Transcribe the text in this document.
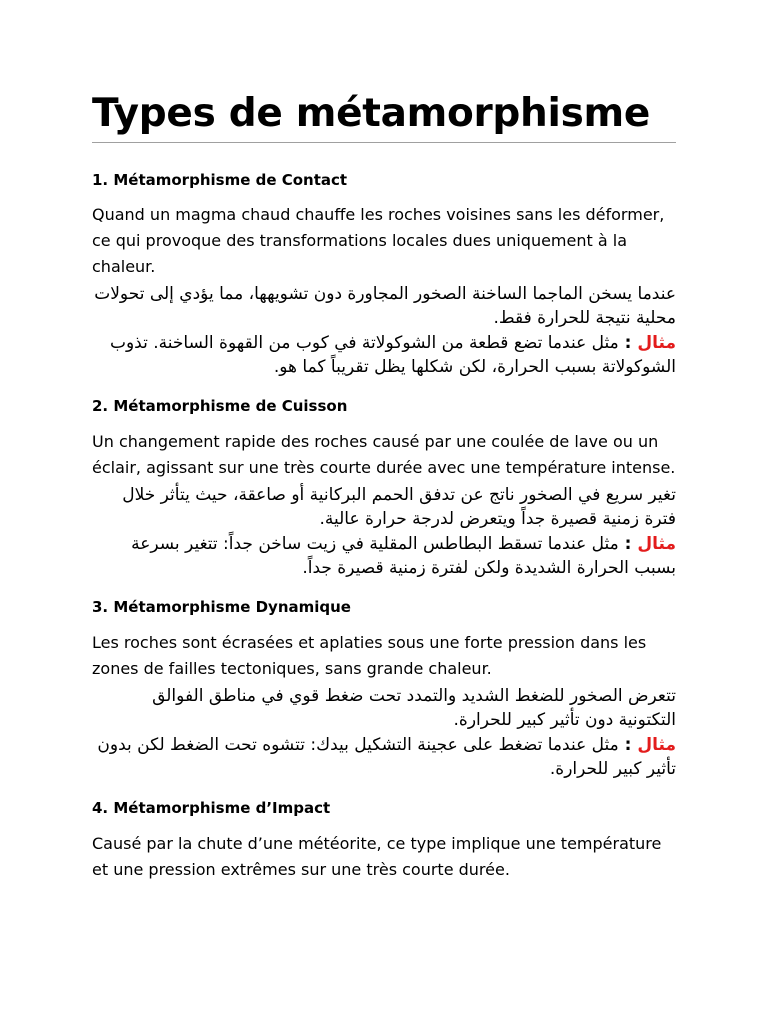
Types de métamorphisme

1. Métamorphisme de Contact

Quand un magma chaud chauffe les roches voisines sans les déformer, ce qui provoque des transformations locales dues uniquement à la chaleur.

عندما يسخن الماجما الساخنة الصخور المجاورة دون تشويهها، مما يؤدي إلى تحولات محلية نتيجة للحرارة فقط.

مثال : مثل عندما تضع قطعة من الشوكولاتة في كوب من القهوة الساخنة. تذوب الشوكولاتة بسبب الحرارة، لكن شكلها يظل تقريباً كما هو.

2. Métamorphisme de Cuisson

Un changement rapide des roches causé par une coulée de lave ou un éclair, agissant sur une très courte durée avec une température intense.

تغير سريع في الصخور ناتج عن تدفق الحمم البركانية أو صاعقة، حيث يتأثر خلال فترة زمنية قصيرة جداً ويتعرض لدرجة حرارة عالية.

مثال : مثل عندما تسقط البطاطس المقلية في زيت ساخن جداً: تتغير بسرعة بسبب الحرارة الشديدة ولكن لفترة زمنية قصيرة جداً.

3. Métamorphisme Dynamique

Les roches sont écrasées et aplaties sous une forte pression dans les zones de failles tectoniques, sans grande chaleur.

تتعرض الصخور للضغط الشديد والتمدد تحت ضغط قوي في مناطق الفوالق التكتونية دون تأثير كبير للحرارة.

مثال : مثل عندما تضغط على عجينة التشكيل بيدك: تتشوه تحت الضغط لكن بدون تأثير كبير للحرارة.

4. Métamorphisme d’Impact

Causé par la chute d’une météorite, ce type implique une température et une pression extrêmes sur une très courte durée.
